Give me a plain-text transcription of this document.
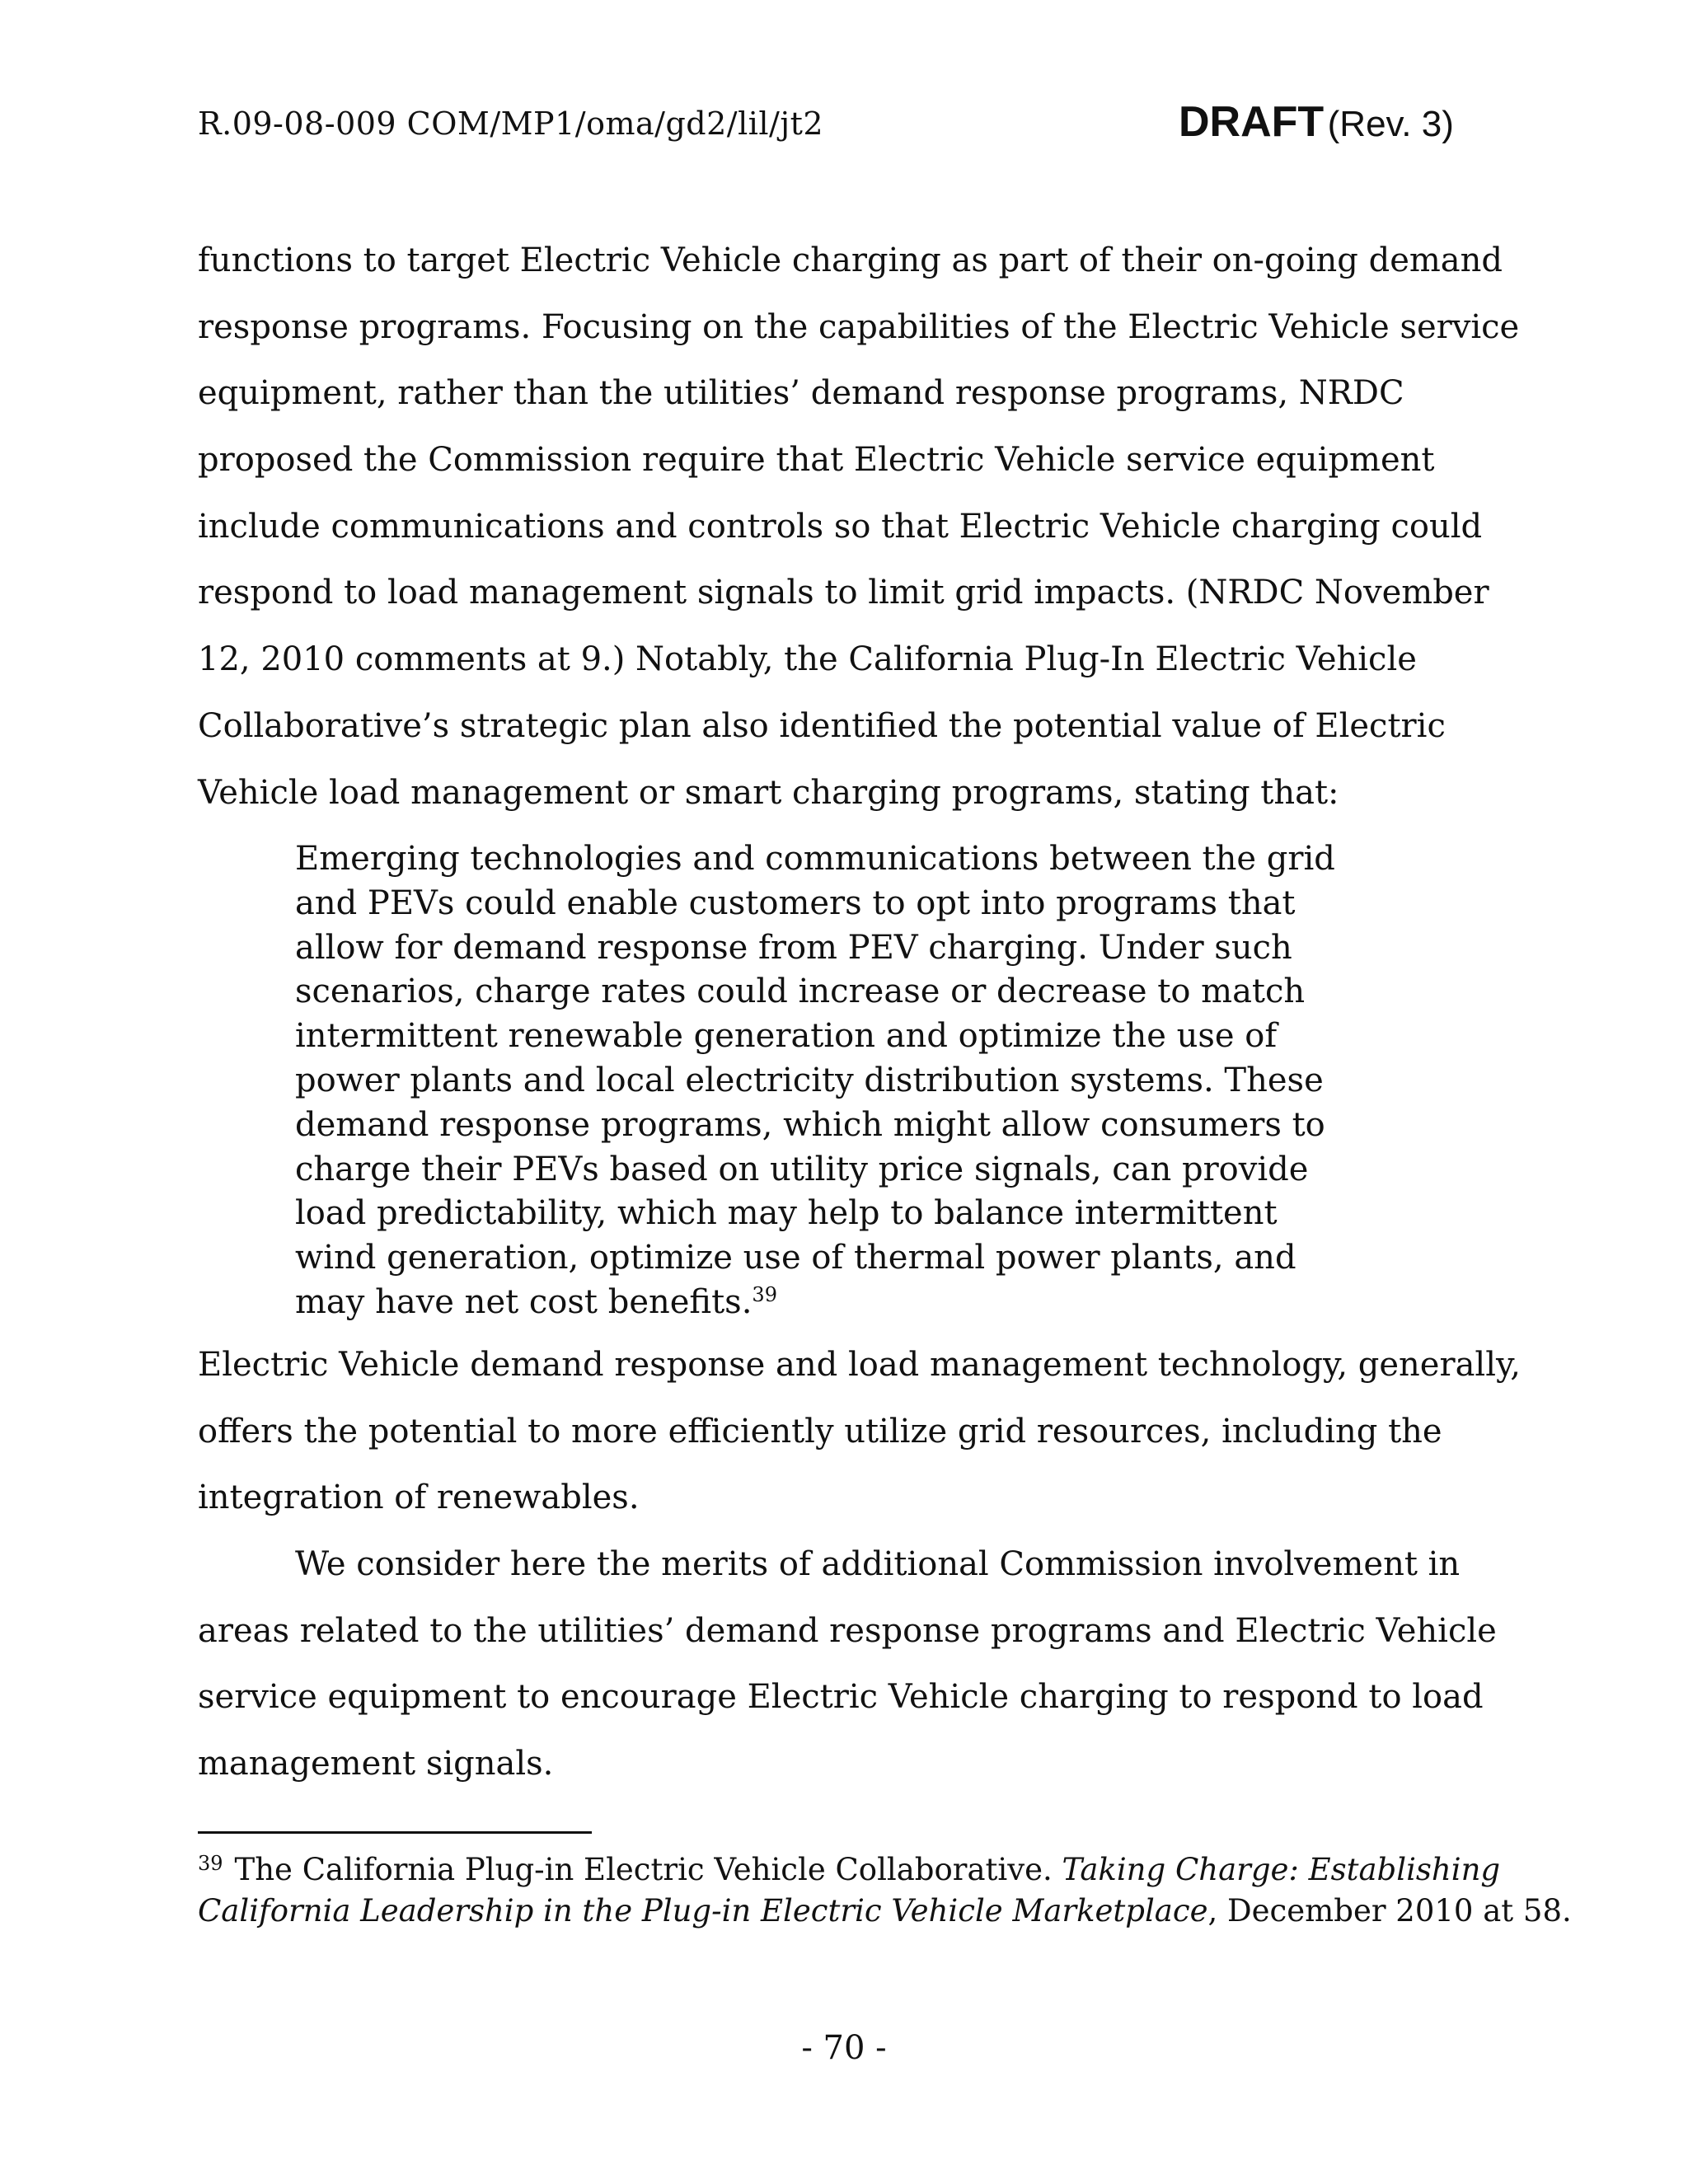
R.09-08-009 COM/MP1/oma/gd2/lil/jt2	DRAFT (Rev. 3)
functions to target Electric Vehicle charging as part of their on-going demand
response programs. Focusing on the capabilities of the Electric Vehicle service
equipment, rather than the utilities’ demand response programs, NRDC
proposed the Commission require that Electric Vehicle service equipment
include communications and controls so that Electric Vehicle charging could
respond to load management signals to limit grid impacts. (NRDC November
12, 2010 comments at 9.) Notably, the California Plug-In Electric Vehicle
Collaborative’s strategic plan also identified the potential value of Electric
Vehicle load management or smart charging programs, stating that:
Emerging technologies and communications between the grid
and PEVs could enable customers to opt into programs that
allow for demand response from PEV charging. Under such
scenarios, charge rates could increase or decrease to match
intermittent renewable generation and optimize the use of
power plants and local electricity distribution systems. These
demand response programs, which might allow consumers to
charge their PEVs based on utility price signals, can provide
load predictability, which may help to balance intermittent
wind generation, optimize use of thermal power plants, and
may have net cost benefits.$^{39}$
Electric Vehicle demand response and load management technology, generally,
offers the potential to more efficiently utilize grid resources, including the
integration of renewables.
We consider here the merits of additional Commission involvement in
areas related to the utilities’ demand response programs and Electric Vehicle
service equipment to encourage Electric Vehicle charging to respond to load
management signals.
$^{39}$ The California Plug-in Electric Vehicle Collaborative. Taking Charge: Establishing
California Leadership in the Plug-in Electric Vehicle Marketplace, December 2010 at 58.
- 70 -
